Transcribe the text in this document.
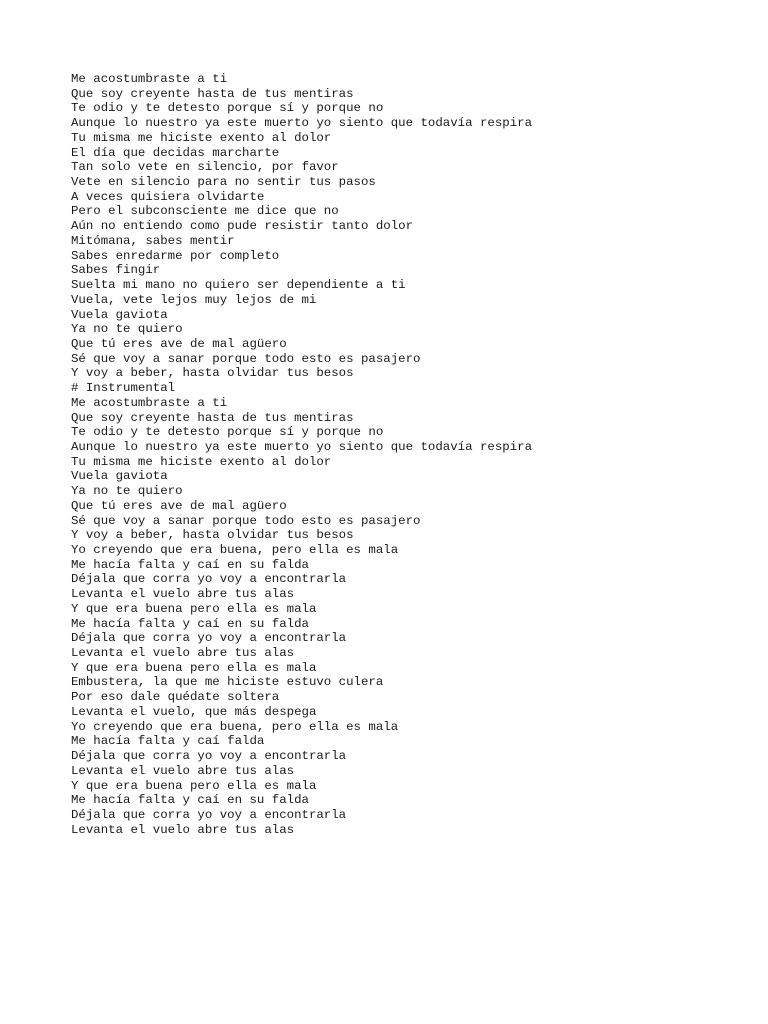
Me acostumbraste a ti
Que soy creyente hasta de tus mentiras
Te odio y te detesto porque sí y porque no
Aunque lo nuestro ya este muerto yo siento que todavía respira
Tu misma me hiciste exento al dolor
El día que decidas marcharte
Tan solo vete en silencio, por favor
Vete en silencio para no sentir tus pasos
A veces quisiera olvidarte
Pero el subconsciente me dice que no
Aún no entiendo como pude resistir tanto dolor
Mitómana, sabes mentir
Sabes enredarme por completo
Sabes fingir
Suelta mi mano no quiero ser dependiente a ti
Vuela, vete lejos muy lejos de mi
Vuela gaviota
Ya no te quiero
Que tú eres ave de mal agüero
Sé que voy a sanar porque todo esto es pasajero
Y voy a beber, hasta olvidar tus besos
# Instrumental
Me acostumbraste a ti
Que soy creyente hasta de tus mentiras
Te odio y te detesto porque sí y porque no
Aunque lo nuestro ya este muerto yo siento que todavía respira
Tu misma me hiciste exento al dolor
Vuela gaviota
Ya no te quiero
Que tú eres ave de mal agüero
Sé que voy a sanar porque todo esto es pasajero
Y voy a beber, hasta olvidar tus besos
Yo creyendo que era buena, pero ella es mala
Me hacía falta y caí en su falda
Déjala que corra yo voy a encontrarla
Levanta el vuelo abre tus alas
Y que era buena pero ella es mala
Me hacía falta y caí en su falda
Déjala que corra yo voy a encontrarla
Levanta el vuelo abre tus alas
Y que era buena pero ella es mala
Embustera, la que me hiciste estuvo culera
Por eso dale quédate soltera
Levanta el vuelo, que más despega
Yo creyendo que era buena, pero ella es mala
Me hacía falta y caí falda
Déjala que corra yo voy a encontrarla
Levanta el vuelo abre tus alas
Y que era buena pero ella es mala
Me hacía falta y caí en su falda
Déjala que corra yo voy a encontrarla
Levanta el vuelo abre tus alas
